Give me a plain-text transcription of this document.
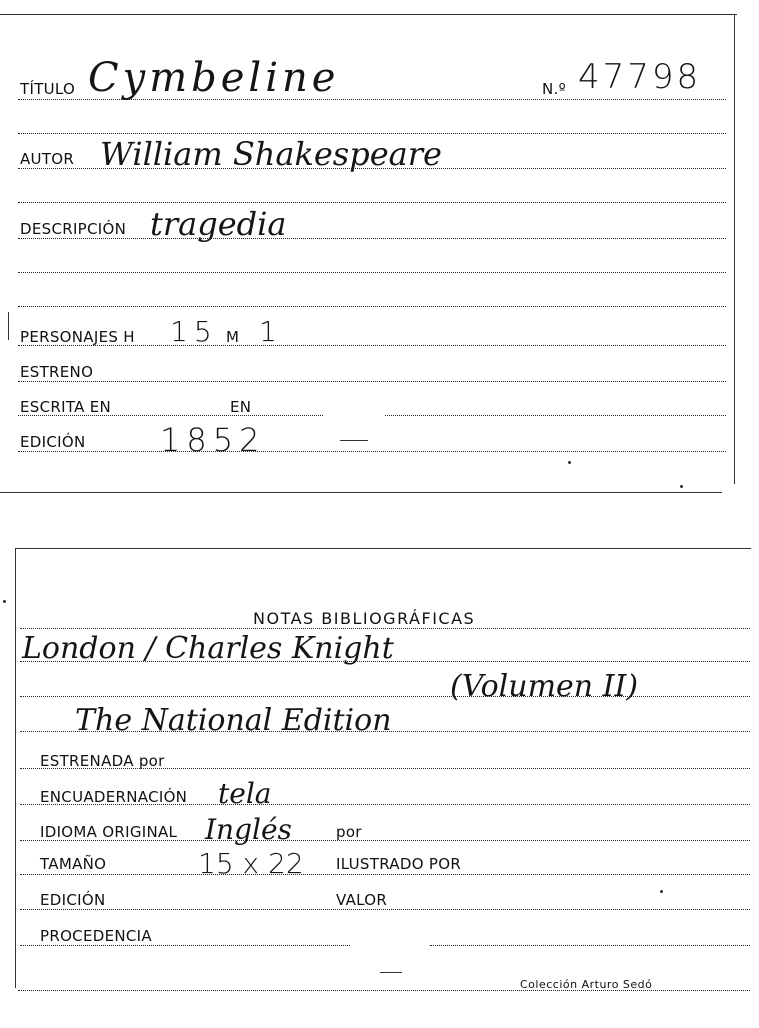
TÍTULO Cymbeline	N.º 47798
AUTOR William Shakespeare
DESCRIPCIÓN tragedia
PERSONAJES H 15 M 1
ESTRENO
ESCRITA EN	EN
EDICIÓN 1852
NOTAS BIBLIOGRÁFICAS
London / Charles Knight
(Volumen II)
The National Edition
ESTRENADA por
ENCUADERNACIÓN tela
IDIOMA ORIGINAL Inglés	por
TAMAÑO	15 x 22 ILUSTRADO POR
EDICIÓN	VALOR
PROCEDENCIA
Colección Arturo Sedó
